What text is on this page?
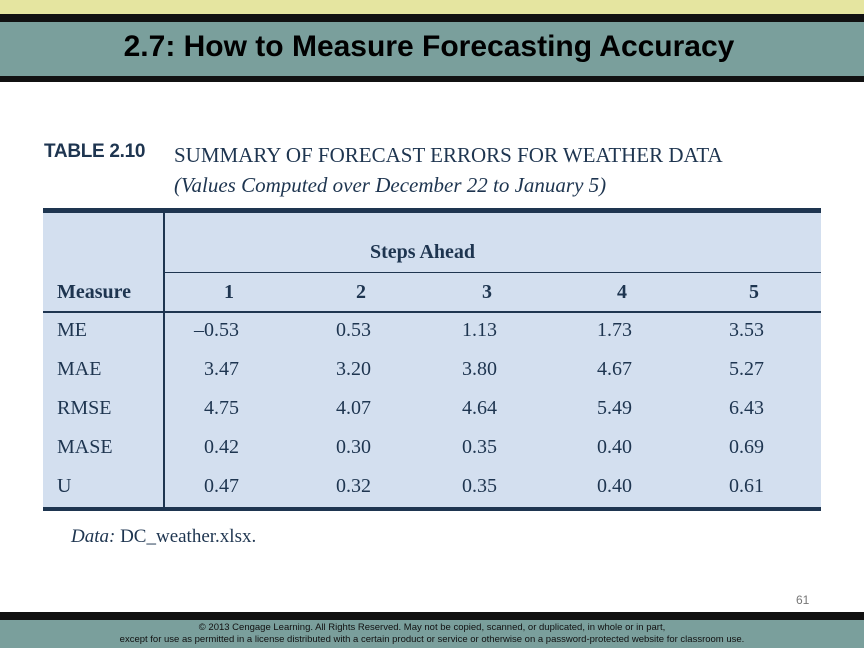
2.7: How to Measure Forecasting Accuracy
TABLE 2.10 SUMMARY OF FORECAST ERRORS FOR WEATHER DATA
(Values Computed over December 22 to January 5)
Steps Ahead
Measure	1	2	3	4	5
ME	–0.53	0.53	1.13	1.73	3.53
MAE	3.47	3.20	3.80	4.67	5.27
RMSE	4.75	4.07	4.64	5.49	6.43
MASE	0.42	0.30	0.35	0.40	0.69
U	0.47	0.32	0.35	0.40	0.61
Data: DC_weather.xlsx.
61
© 2013 Cengage Learning. All Rights Reserved. May not be copied, scanned, or duplicated, in whole or in part,
except for use as permitted in a license distributed with a certain product or service or otherwise on a password-protected website for classroom use.
